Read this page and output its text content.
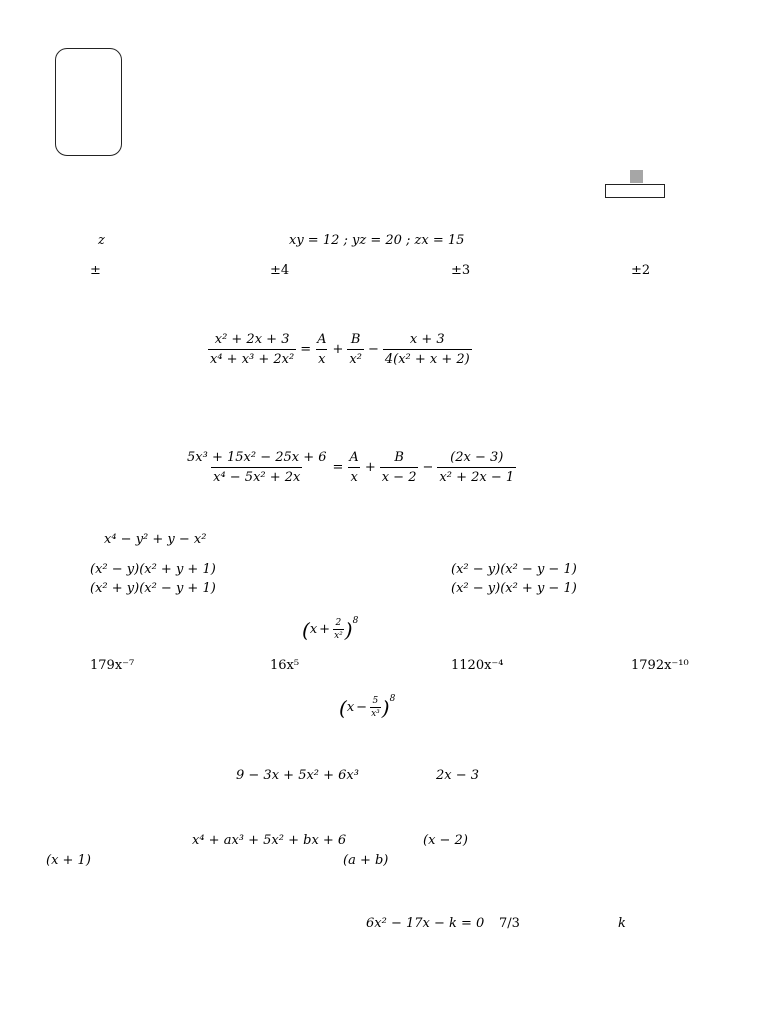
z	xy = 12 ; yz = 20 ; zx = 15
±	±4	±3	±2
$\frac{\text{x² + 2x + 3}}{\text{x⁴ + x³ + 2x²}} = \frac{A}{x} + \frac{B}{\text{x²}} - \frac{x + 3}{\text{4(x² + x + 2)}}$
$\frac{\text{5x³ + 15x² − 25x + 6}}{\text{x⁴ − 5x² + 2x}} = \frac{A}{x} + \frac{B}{x - 2} - \frac{(2x - 3)}{\text{x² + 2x − 1}}$
x⁴ − y² + y − x²
(x² − y)(x² + y + 1)	(x² − y)(x² − y − 1)
(x² + y)(x² − y + 1)	(x² − y)(x² + y − 1)
( $x + \frac{2}{\text{x²}}$ ) 8
179x⁻⁷	16x⁵	1120x⁻⁴	1792x⁻¹⁰
( $x - \frac{5}{\text{x³}}$ ) 8
9 − 3x + 5x² + 6x³	2x − 3
x⁴ + ax³ + 5x² + bx + 6	(x − 2)
(x + 1)	(a + b)
6x² − 17x − k = 0 7/3	k
